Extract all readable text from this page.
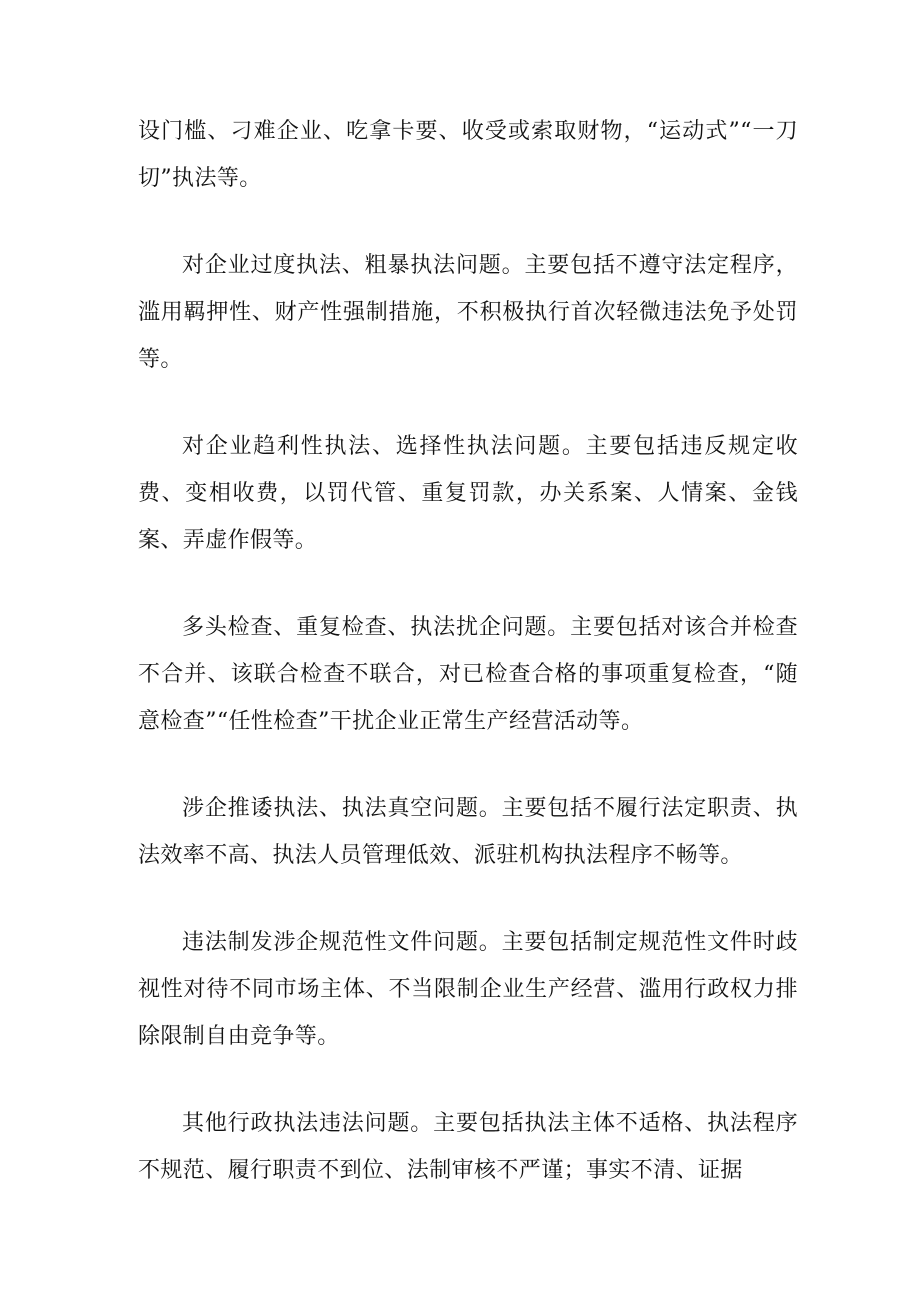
设门槛、刁难企业、吃拿卡要、收受或索取财物，“运动式”“一刀切”执法等。

对企业过度执法、粗暴执法问题。主要包括不遵守法定程序，滥用羁押性、财产性强制措施，不积极执行首次轻微违法免予处罚等。

对企业趋利性执法、选择性执法问题。主要包括违反规定收费、变相收费，以罚代管、重复罚款，办关系案、人情案、金钱案、弄虚作假等。

多头检查、重复检查、执法扰企问题。主要包括对该合并检查不合并、该联合检查不联合，对已检查合格的事项重复检查，“随意检查”“任性检查”干扰企业正常生产经营活动等。

涉企推诿执法、执法真空问题。主要包括不履行法定职责、执法效率不高、执法人员管理低效、派驻机构执法程序不畅等。

违法制发涉企规范性文件问题。主要包括制定规范性文件时歧视性对待不同市场主体、不当限制企业生产经营、滥用行政权力排除限制自由竞争等。

其他行政执法违法问题。主要包括执法主体不适格、执法程序不规范、履行职责不到位、法制审核不严谨；事实不清、证据
